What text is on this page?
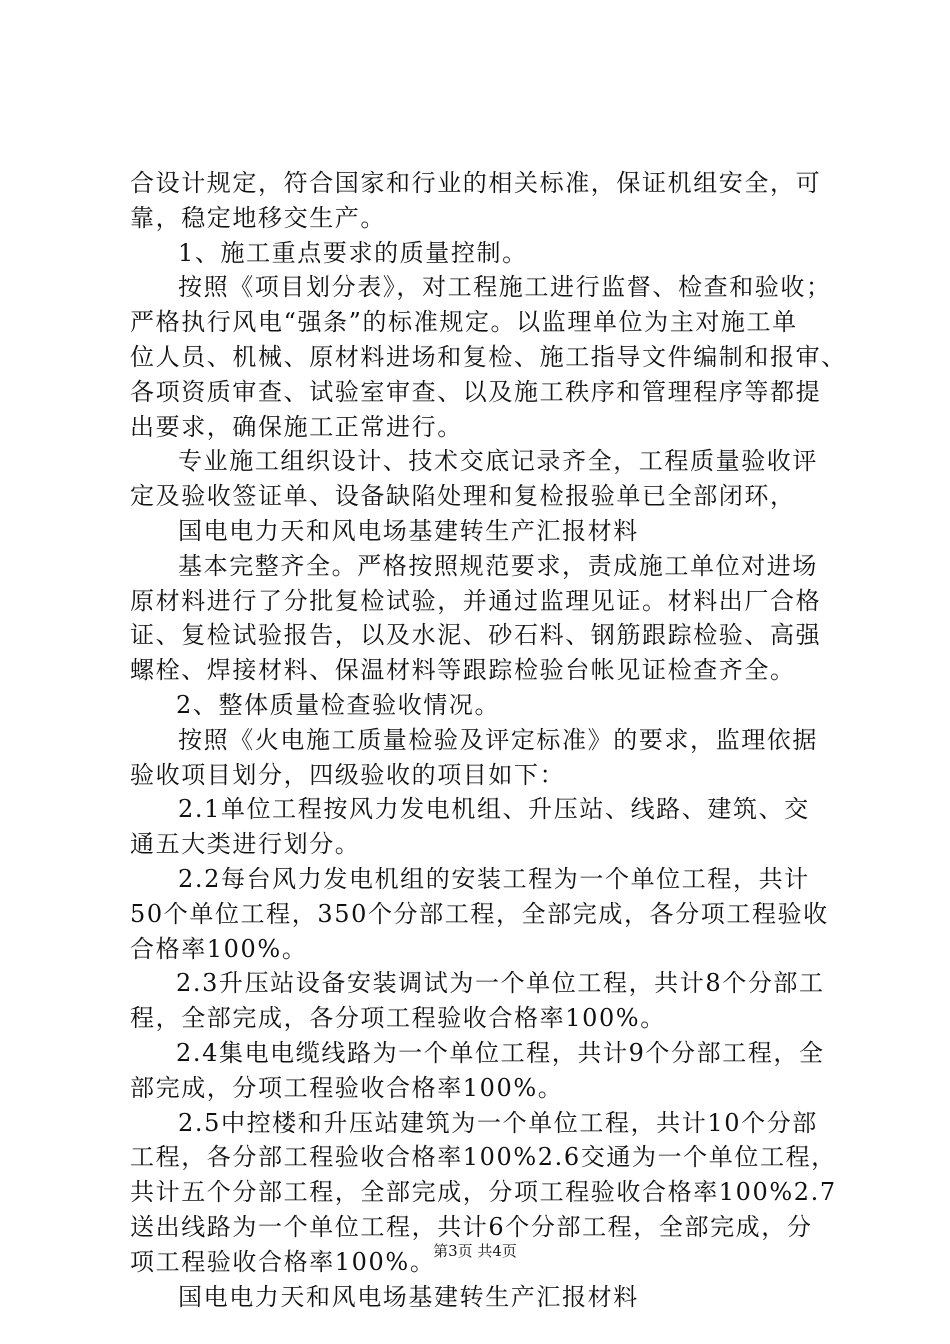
合设计规定，符合国家和行业的相关标准，保证机组安全，可
靠，稳定地移交生产。
1、施工重点要求的质量控制。
按照《项目划分表》，对工程施工进行监督、检查和验收；
严格执行风电“强条”的标准规定。以监理单位为主对施工单
位人员、机械、原材料进场和复检、施工指导文件编制和报审、
各项资质审查、试验室审查、以及施工秩序和管理程序等都提
出要求，确保施工正常进行。
专业施工组织设计、技术交底记录齐全，工程质量验收评
定及验收签证单、设备缺陷处理和复检报验单已全部闭环，
国电电力天和风电场基建转生产汇报材料
基本完整齐全。严格按照规范要求，责成施工单位对进场
原材料进行了分批复检试验，并通过监理见证。材料出厂合格
证、复检试验报告，以及水泥、砂石料、钢筋跟踪检验、高强
螺栓、焊接材料、保温材料等跟踪检验台帐见证检查齐全。
2、整体质量检查验收情况。
按照《火电施工质量检验及评定标准》的要求，监理依据
验收项目划分，四级验收的项目如下：
2.1单位工程按风力发电机组、升压站、线路、建筑、交
通五大类进行划分。
2.2每台风力发电机组的安装工程为一个单位工程，共计
50个单位工程，350个分部工程，全部完成，各分项工程验收
合格率100%。
2.3升压站设备安装调试为一个单位工程，共计8个分部工
程，全部完成，各分项工程验收合格率100%。
2.4集电电缆线路为一个单位工程，共计9个分部工程，全
部完成，分项工程验收合格率100%。
2.5中控楼和升压站建筑为一个单位工程，共计10个分部
工程，各分部工程验收合格率100%2.6交通为一个单位工程，
共计五个分部工程，全部完成，分项工程验收合格率100%2.7
送出线路为一个单位工程，共计6个分部工程，全部完成，分
项工程验收合格率100%。
国电电力天和风电场基建转生产汇报材料
第3页 共4页
